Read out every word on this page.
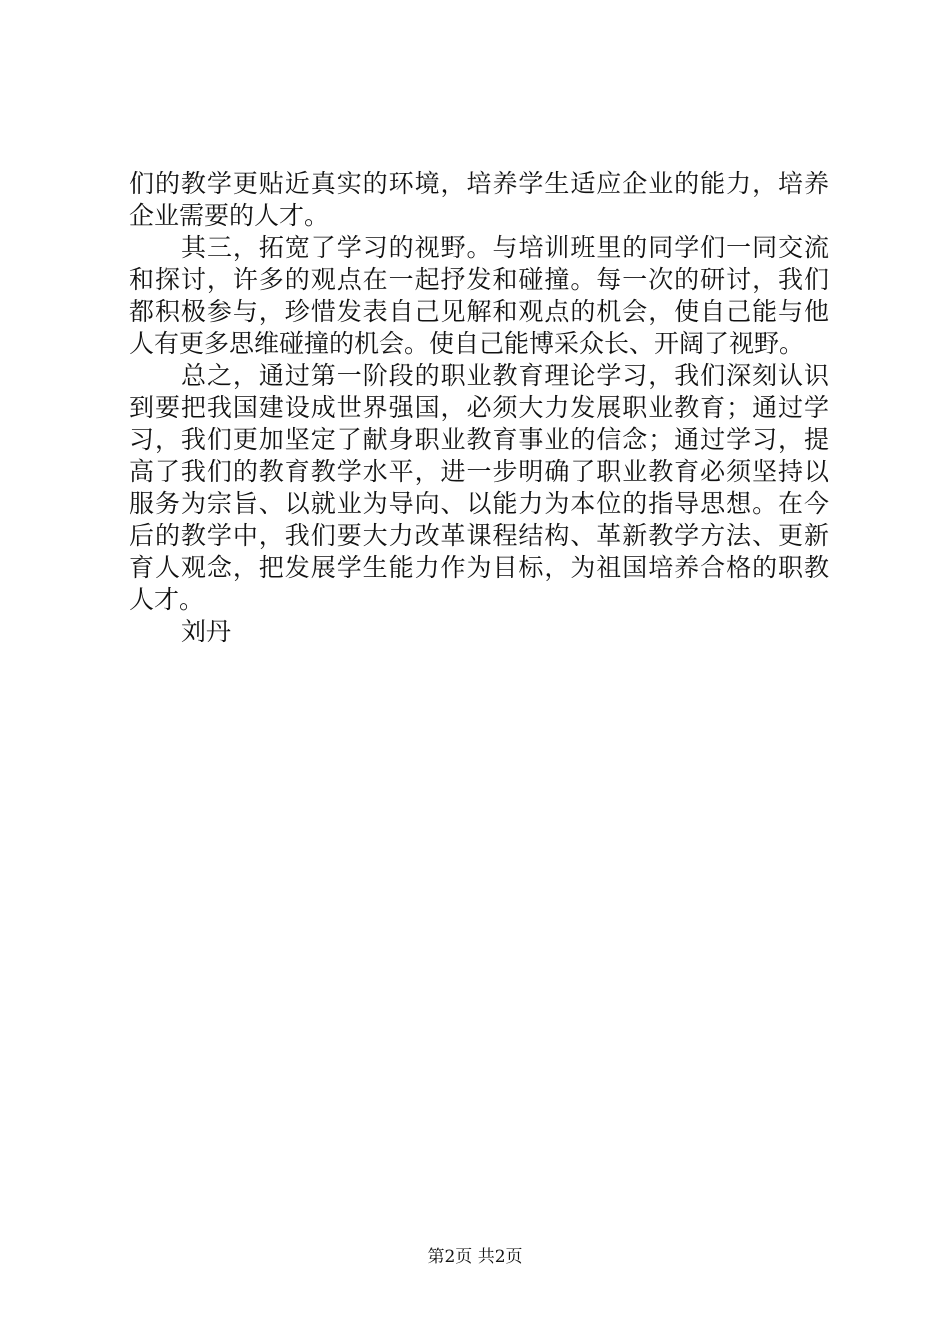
们的教学更贴近真实的环境，培养学生适应企业的能力，培养
企业需要的人才。
其三，拓宽了学习的视野。与培训班里的同学们一同交流
和探讨，许多的观点在一起抒发和碰撞。每一次的研讨，我们
都积极参与，珍惜发表自己见解和观点的机会，使自己能与他
人有更多思维碰撞的机会。使自己能博采众长、开阔了视野。
总之，通过第一阶段的职业教育理论学习，我们深刻认识
到要把我国建设成世界强国，必须大力发展职业教育；通过学
习，我们更加坚定了献身职业教育事业的信念；通过学习，提
高了我们的教育教学水平，进一步明确了职业教育必须坚持以
服务为宗旨、以就业为导向、以能力为本位的指导思想。在今
后的教学中，我们要大力改革课程结构、革新教学方法、更新
育人观念，把发展学生能力作为目标，为祖国培养合格的职教
人才。
刘丹
第2页 共2页
